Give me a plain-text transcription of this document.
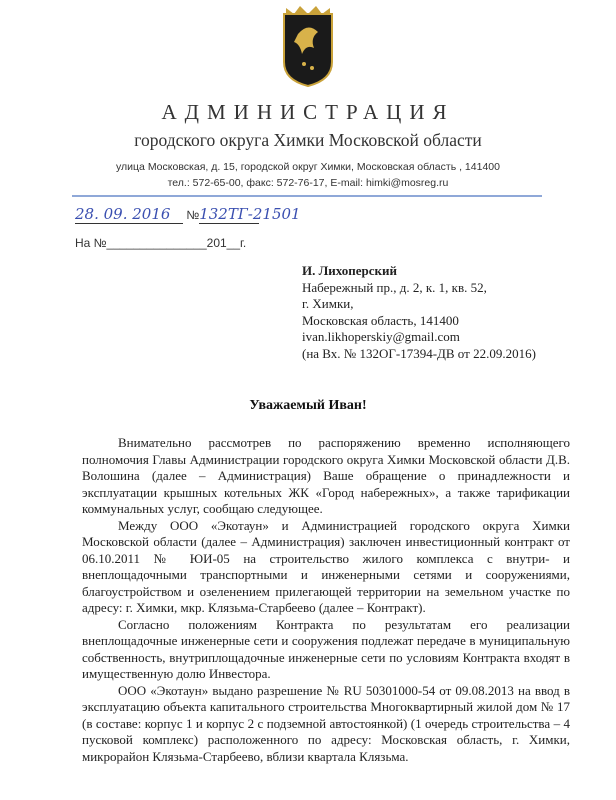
АДМИНИСТРАЦИЯ
городского округа Химки Московской области
улица Московская, д. 15, городской округ Химки, Московская область , 141400
тел.: 572-65-00, факс: 572-76-17, E-mail: himki@mosreg.ru
28. 09. 2016 №132ТГ-21501
На №_______________201__г.
И. Лихоперский
Набережный пр., д. 2, к. 1, кв. 52,
г. Химки,
Московская область, 141400
ivan.likhoperskiy@gmail.com
(на Вх. № 132ОГ-17394-ДВ от 22.09.2016)
Уважаемый Иван!

Внимательно рассмотрев по распоряжению временно исполняющего полномочия Главы Администрации городского округа Химки Московской области Д.В. Волошина (далее – Администрация) Ваше обращение о принадлежности и эксплуатации крышных котельных ЖК «Город набережных», а также тарификации коммунальных услуг, сообщаю следующее.

Между ООО «Экотаун» и Администрацией городского округа Химки Московской области (далее – Администрация) заключен инвестиционный контракт от 06.10.2011 № ЮИ-05 на строительство жилого комплекса с внутри- и внеплощадочными транспортными и инженерными сетями и сооружениями, благоустройством и озеленением прилегающей территории на земельном участке по адресу: г. Химки, мкр. Клязьма-Старбеево (далее – Контракт).

Согласно положениям Контракта по результатам его реализации внеплощадочные инженерные сети и сооружения подлежат передаче в муниципальную собственность, внутриплощадочные инженерные сети по условиям Контракта входят в имущественную долю Инвестора.

ООО «Экотаун» выдано разрешение № RU 50301000-54 от 09.08.2013 на ввод в эксплуатацию объекта капитального строительства Многоквартирный жилой дом № 17 (в составе: корпус 1 и корпус 2 с подземной автостоянкой) (1 очередь строительства – 4 пусковой комплекс) расположенного по адресу: Московская область, г. Химки, микрорайон Клязьма-Старбеево, вблизи квартала Клязьма.
